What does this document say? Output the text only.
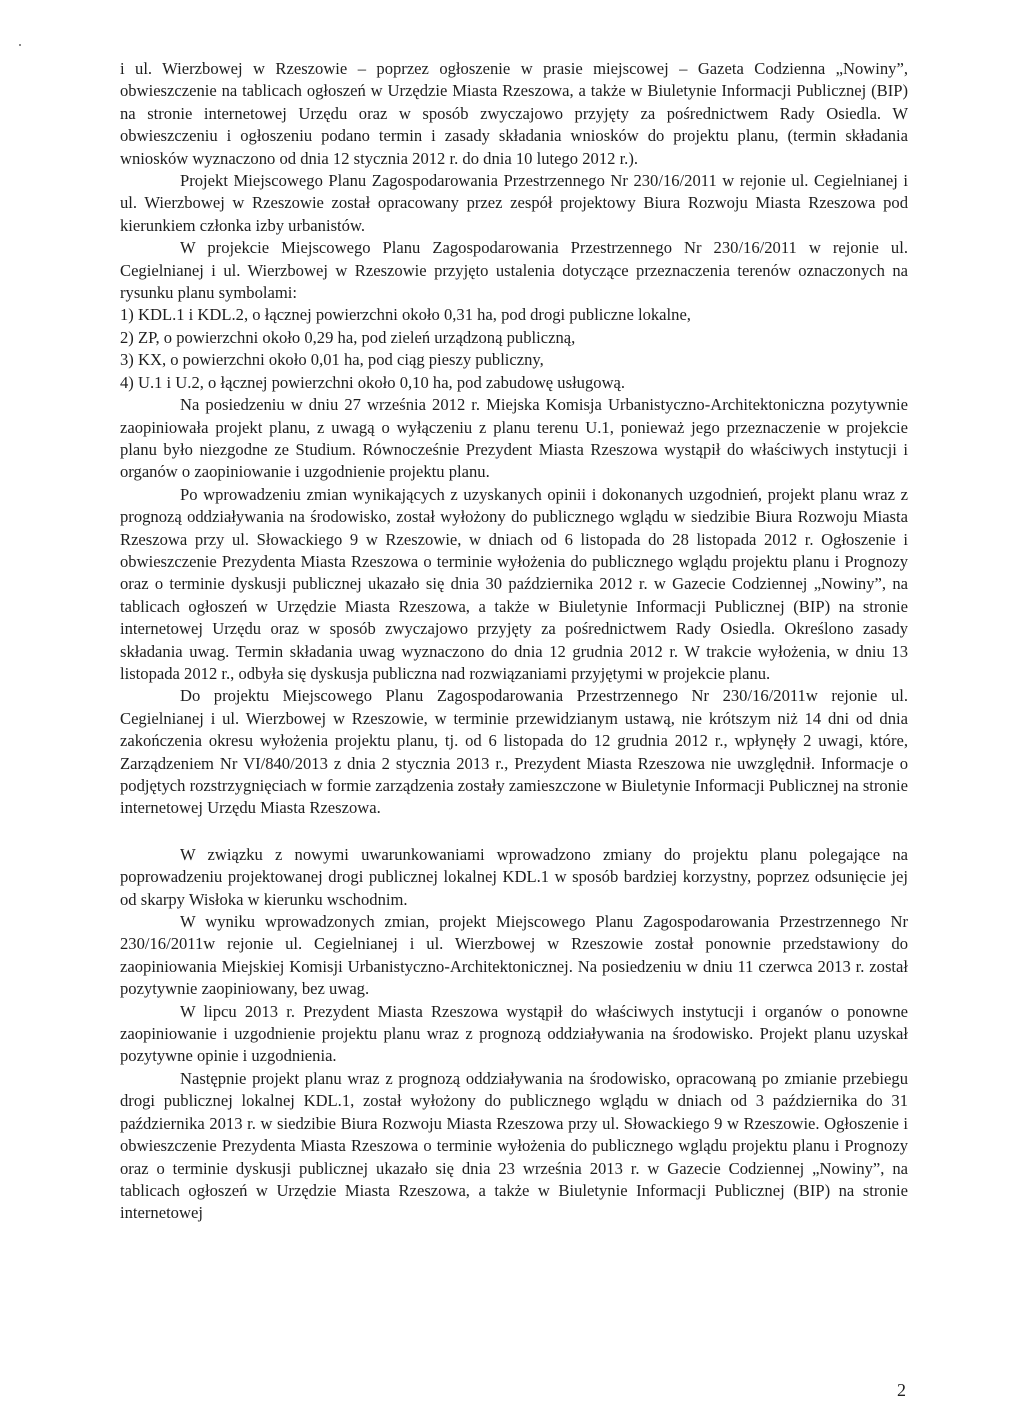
i ul. Wierzbowej w Rzeszowie – poprzez ogłoszenie w prasie miejscowej – Gazeta Codzienna „Nowiny”, obwieszczenie na tablicach ogłoszeń w Urzędzie Miasta Rzeszowa, a także w Biuletynie Informacji Publicznej (BIP) na stronie internetowej Urzędu oraz w sposób zwyczajowo przyjęty za pośrednictwem Rady Osiedla. W obwieszczeniu i ogłoszeniu podano termin i zasady składania wniosków do projektu planu, (termin składania wniosków wyznaczono od dnia 12 stycznia 2012 r. do dnia 10 lutego 2012 r.).

Projekt Miejscowego Planu Zagospodarowania Przestrzennego Nr 230/16/2011 w rejonie ul. Cegielnianej i ul. Wierzbowej w Rzeszowie został opracowany przez zespół projektowy Biura Rozwoju Miasta Rzeszowa pod kierunkiem członka izby urbanistów.

W projekcie Miejscowego Planu Zagospodarowania Przestrzennego Nr 230/16/2011 w rejonie ul. Cegielnianej i ul. Wierzbowej w Rzeszowie przyjęto ustalenia dotyczące przeznaczenia terenów oznaczonych na rysunku planu symbolami:

1) KDL.1 i KDL.2, o łącznej powierzchni około 0,31 ha, pod drogi publiczne lokalne,
2) ZP, o powierzchni około 0,29 ha, pod zieleń urządzoną publiczną,
3) KX, o powierzchni około 0,01 ha, pod ciąg pieszy publiczny,
4) U.1 i U.2, o łącznej powierzchni około 0,10 ha, pod zabudowę usługową.

Na posiedzeniu w dniu 27 września 2012 r. Miejska Komisja Urbanistyczno-Architektoniczna pozytywnie zaopiniowała projekt planu, z uwagą o wyłączeniu z planu terenu U.1, ponieważ jego przeznaczenie w projekcie planu było niezgodne ze Studium. Równocześnie Prezydent Miasta Rzeszowa wystąpił do właściwych instytucji i organów o zaopiniowanie i uzgodnienie projektu planu.

Po wprowadzeniu zmian wynikających z uzyskanych opinii i dokonanych uzgodnień, projekt planu wraz z prognozą oddziaływania na środowisko, został wyłożony do publicznego wglądu w siedzibie Biura Rozwoju Miasta Rzeszowa przy ul. Słowackiego 9 w Rzeszowie, w dniach od 6 listopada do 28 listopada 2012 r. Ogłoszenie i obwieszczenie Prezydenta Miasta Rzeszowa o terminie wyłożenia do publicznego wglądu projektu planu i Prognozy oraz o terminie dyskusji publicznej ukazało się dnia 30 października 2012 r. w Gazecie Codziennej „Nowiny”, na tablicach ogłoszeń w Urzędzie Miasta Rzeszowa, a także w Biuletynie Informacji Publicznej (BIP) na stronie internetowej Urzędu oraz w sposób zwyczajowo przyjęty za pośrednictwem Rady Osiedla. Określono zasady składania uwag. Termin składania uwag wyznaczono do dnia 12 grudnia 2012 r. W trakcie wyłożenia, w dniu 13 listopada 2012 r., odbyła się dyskusja publiczna nad rozwiązaniami przyjętymi w projekcie planu.

Do projektu Miejscowego Planu Zagospodarowania Przestrzennego Nr 230/16/2011w rejonie ul. Cegielnianej i ul. Wierzbowej w Rzeszowie, w terminie przewidzianym ustawą, nie krótszym niż 14 dni od dnia zakończenia okresu wyłożenia projektu planu, tj. od 6 listopada do 12 grudnia 2012 r., wpłynęły 2 uwagi, które, Zarządzeniem Nr VI/840/2013 z dnia 2 stycznia 2013 r., Prezydent Miasta Rzeszowa nie uwzględnił. Informacje o podjętych rozstrzygnięciach w formie zarządzenia zostały zamieszczone w Biuletynie Informacji Publicznej na stronie internetowej Urzędu Miasta Rzeszowa.

W związku z nowymi uwarunkowaniami wprowadzono zmiany do projektu planu polegające na poprowadzeniu projektowanej drogi publicznej lokalnej KDL.1 w sposób bardziej korzystny, poprzez odsunięcie jej od skarpy Wisłoka w kierunku wschodnim.

W wyniku wprowadzonych zmian, projekt Miejscowego Planu Zagospodarowania Przestrzennego Nr 230/16/2011w rejonie ul. Cegielnianej i ul. Wierzbowej w Rzeszowie został ponownie przedstawiony do zaopiniowania Miejskiej Komisji Urbanistyczno-Architektonicznej. Na posiedzeniu w dniu 11 czerwca 2013 r. został pozytywnie zaopiniowany, bez uwag.

W lipcu 2013 r. Prezydent Miasta Rzeszowa wystąpił do właściwych instytucji i organów o ponowne zaopiniowanie i uzgodnienie projektu planu wraz z prognozą oddziaływania na środowisko. Projekt planu uzyskał pozytywne opinie i uzgodnienia.

Następnie projekt planu wraz z prognozą oddziaływania na środowisko, opracowaną po zmianie przebiegu drogi publicznej lokalnej KDL.1, został wyłożony do publicznego wglądu w dniach od 3 października do 31 października 2013 r. w siedzibie Biura Rozwoju Miasta Rzeszowa przy ul. Słowackiego 9 w Rzeszowie. Ogłoszenie i obwieszczenie Prezydenta Miasta Rzeszowa o terminie wyłożenia do publicznego wglądu projektu planu i Prognozy oraz o terminie dyskusji publicznej ukazało się dnia 23 września 2013 r. w Gazecie Codziennej „Nowiny”, na tablicach ogłoszeń w Urzędzie Miasta Rzeszowa, a także w Biuletynie Informacji Publicznej (BIP) na stronie internetowej

2
